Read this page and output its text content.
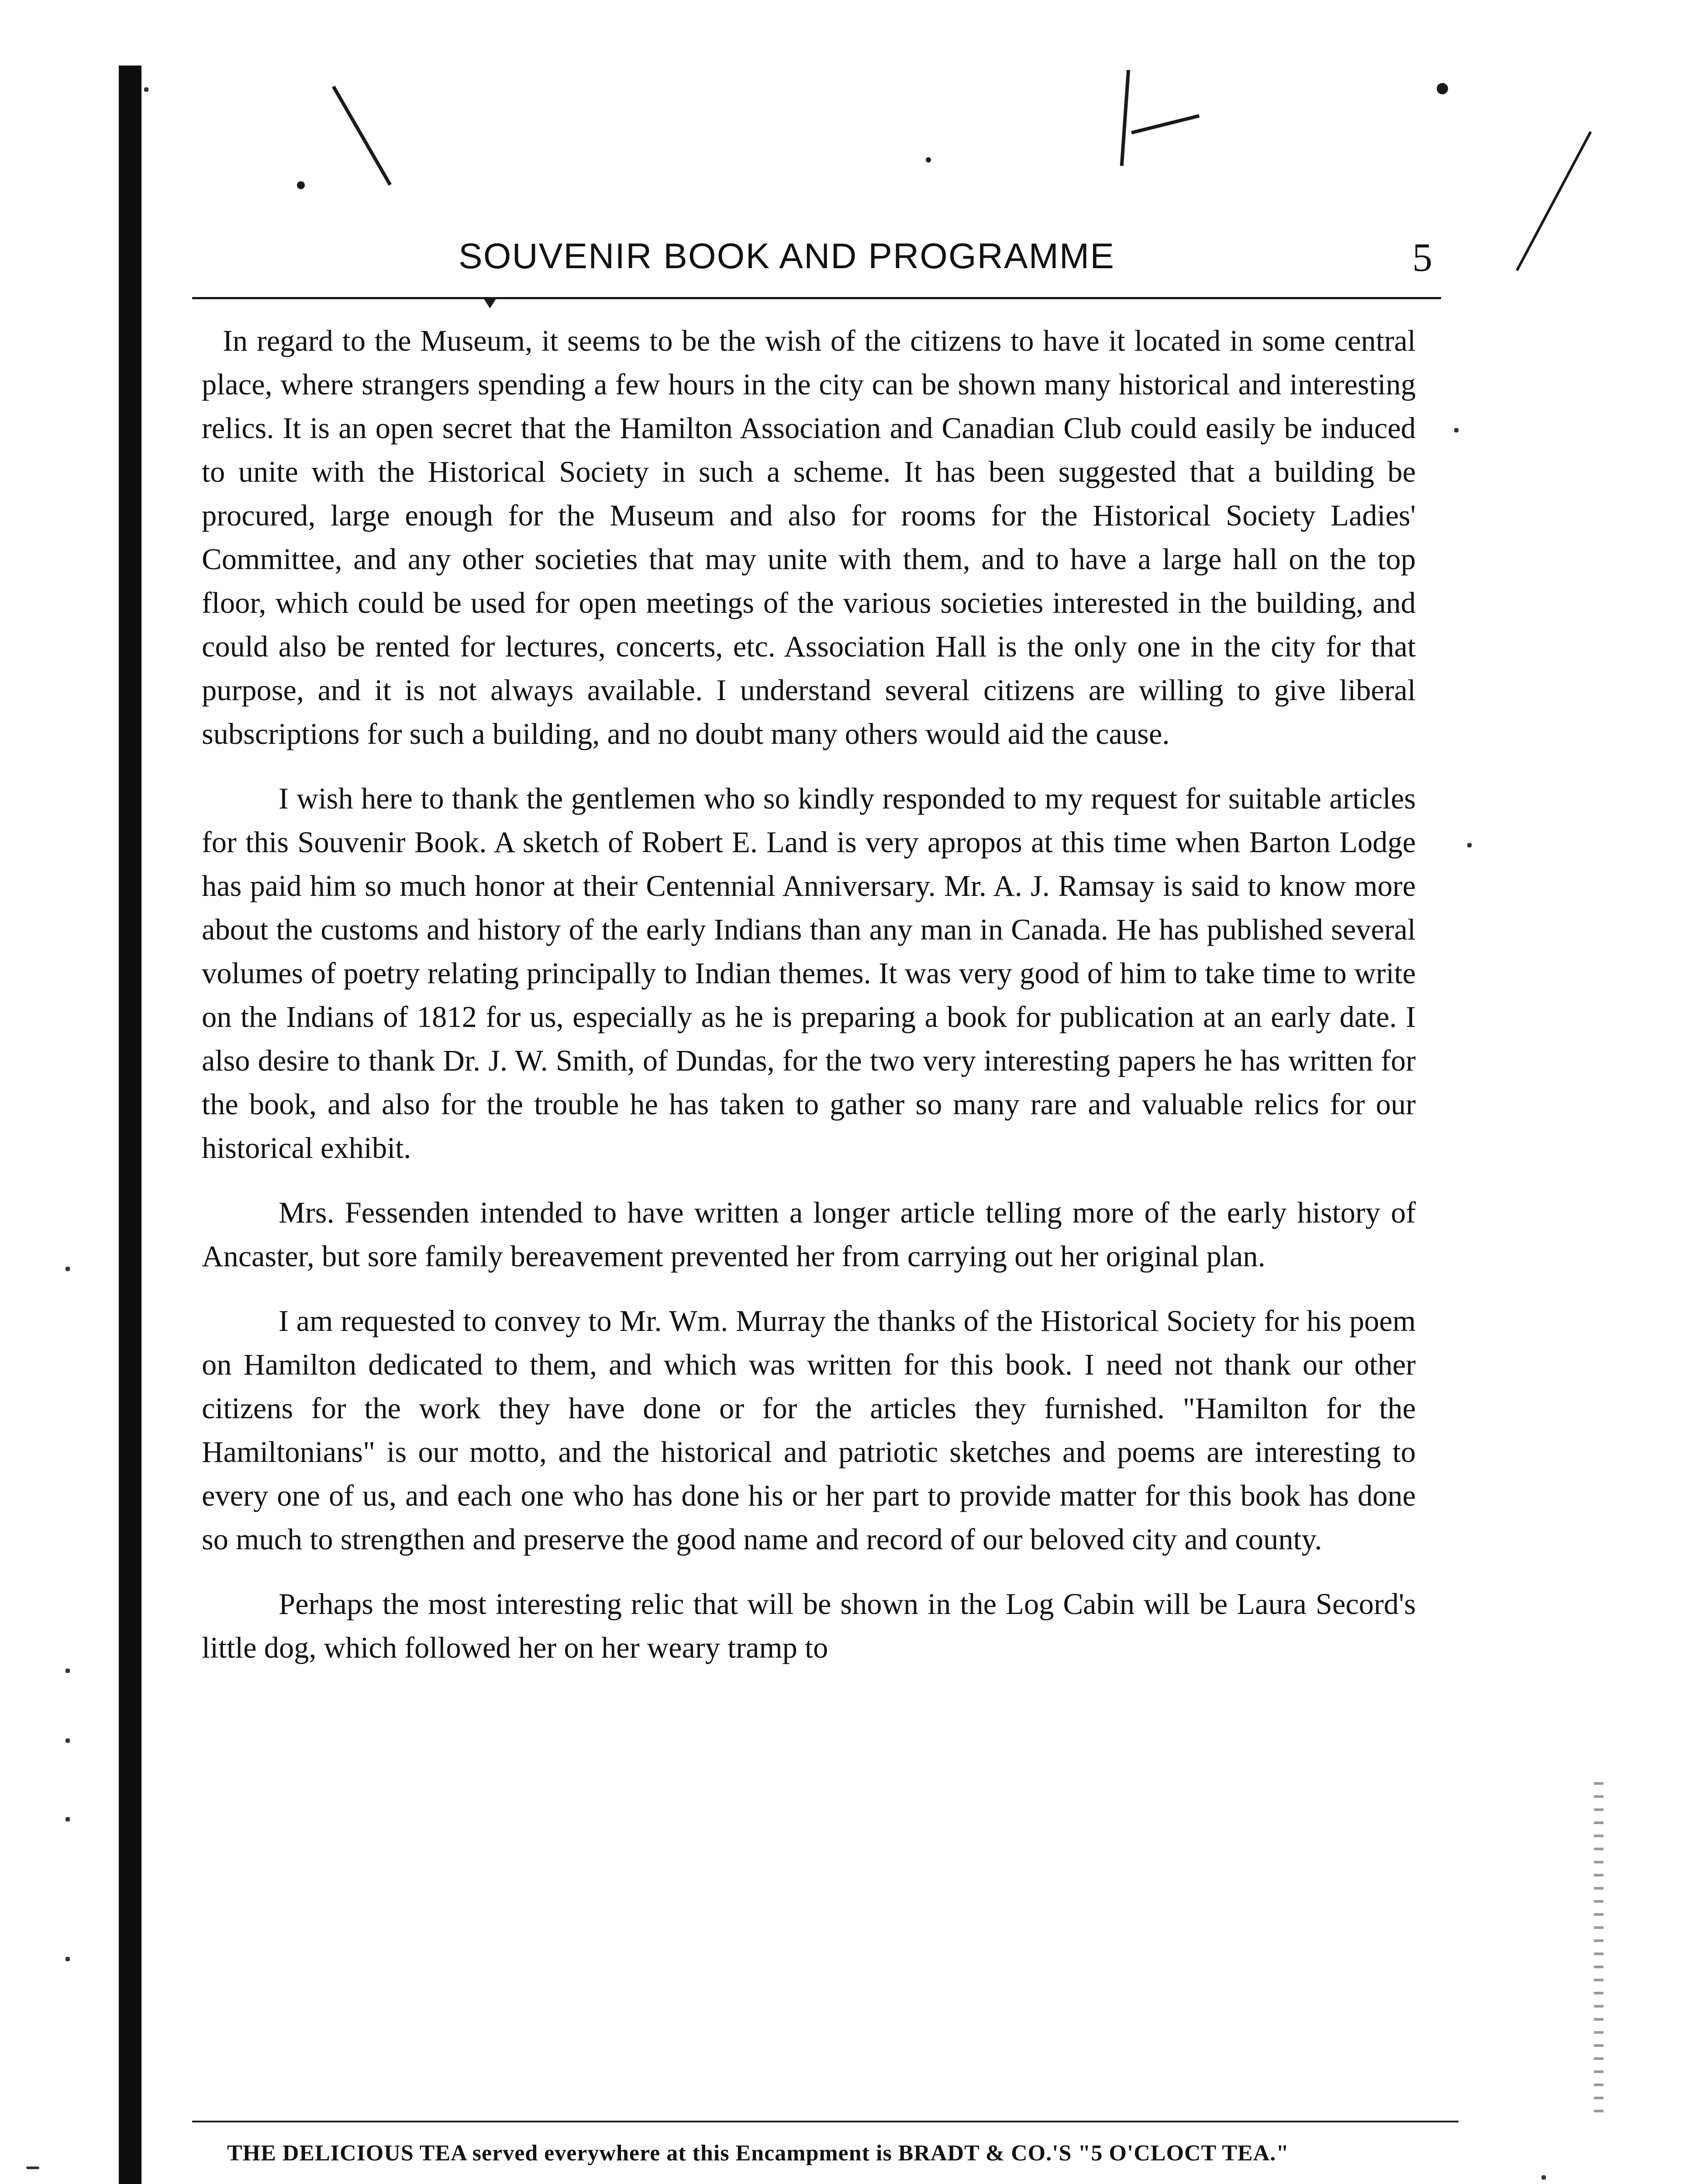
SOUVENIR BOOK AND PROGRAMME	5

In regard to the Museum, it seems to be the wish of the citizens to have it located in some central place, where strangers spending a few hours in the city can be shown many historical and interesting relics. It is an open secret that the Hamilton Association and Canadian Club could easily be induced to unite with the Historical Society in such a scheme. It has been suggested that a building be procured, large enough for the Museum and also for rooms for the Historical Society Ladies' Committee, and any other societies that may unite with them, and to have a large hall on the top floor, which could be used for open meetings of the various societies interested in the building, and could also be rented for lectures, concerts, etc. Association Hall is the only one in the city for that purpose, and it is not always available. I understand several citizens are willing to give liberal subscriptions for such a building, and no doubt many others would aid the cause.

I wish here to thank the gentlemen who so kindly responded to my request for suitable articles for this Souvenir Book. A sketch of Robert E. Land is very apropos at this time when Barton Lodge has paid him so much honor at their Centennial Anniversary. Mr. A. J. Ramsay is said to know more about the customs and history of the early Indians than any man in Canada. He has published several volumes of poetry relating principally to Indian themes. It was very good of him to take time to write on the Indians of 1812 for us, especially as he is preparing a book for publication at an early date. I also desire to thank Dr. J. W. Smith, of Dundas, for the two very interesting papers he has written for the book, and also for the trouble he has taken to gather so many rare and valuable relics for our historical exhibit.

Mrs. Fessenden intended to have written a longer article telling more of the early history of Ancaster, but sore family bereavement prevented her from carrying out her original plan.

I am requested to convey to Mr. Wm. Murray the thanks of the Historical Society for his poem on Hamilton dedicated to them, and which was written for this book. I need not thank our other citizens for the work they have done or for the articles they furnished. "Hamilton for the Hamiltonians" is our motto, and the historical and patriotic sketches and poems are interesting to every one of us, and each one who has done his or her part to provide matter for this book has done so much to strengthen and preserve the good name and record of our beloved city and county.

Perhaps the most interesting relic that will be shown in the Log Cabin will be Laura Secord's little dog, which followed her on her weary tramp to

THE DELICIOUS TEA served everywhere at this Encampment is BRADT & CO.'S "5 O'CLOCT TEA."
